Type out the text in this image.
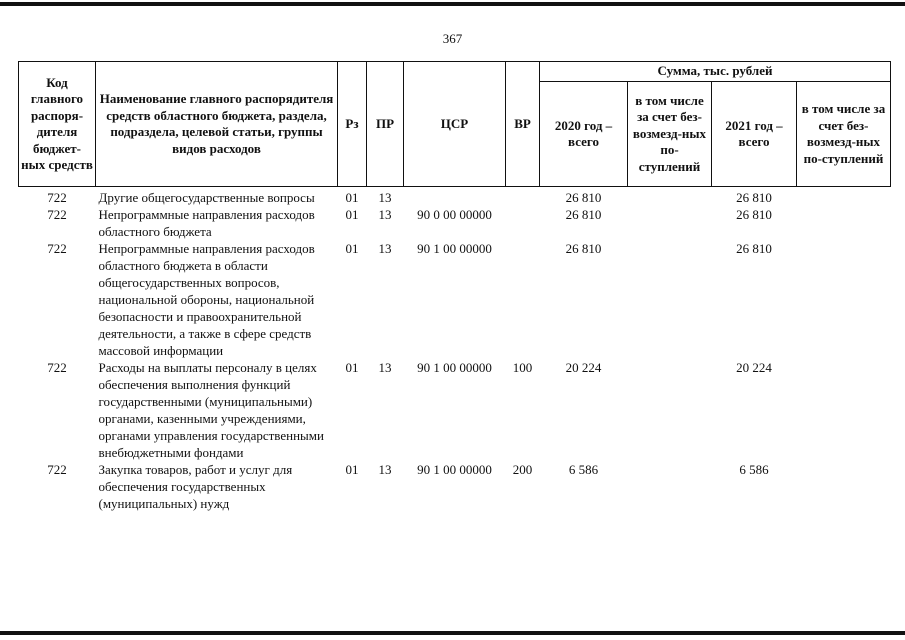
367
Код главного распоря-дителя бюджет-ных средств	Наименование главного распорядителя средств областного бюджета, раздела, подраздела, целевой статьи, группы видов расходов	Рз	ПР	ЦСР	ВР	Сумма, тыс. рублей			
						2020 год – всего	в том числе за счет без-возмезд-ных по-ступлений	2021 год – всего	в том числе за счет без-возмезд-ных по-ступлений
722	Другие общегосударственные вопросы	01	13			26 810		26 810	
722	Непрограммные направления расходов областного бюджета	01	13	90 0 00 00000		26 810		26 810	
722	Непрограммные направления расходов областного бюджета в области общегосударственных вопросов, национальной обороны, национальной безопасности и правоохранительной деятельности, а также в сфере средств массовой информации	01	13	90 1 00 00000		26 810		26 810	
722	Расходы на выплаты персоналу в целях обеспечения выполнения функций государственными (муниципальными) органами, казенными учреждениями, органами управления государственными внебюджетными фондами	01	13	90 1 00 00000	100	20 224		20 224	
722	Закупка товаров, работ и услуг для обеспечения государственных (муниципальных) нужд	01	13	90 1 00 00000	200	6 586		6 586	
